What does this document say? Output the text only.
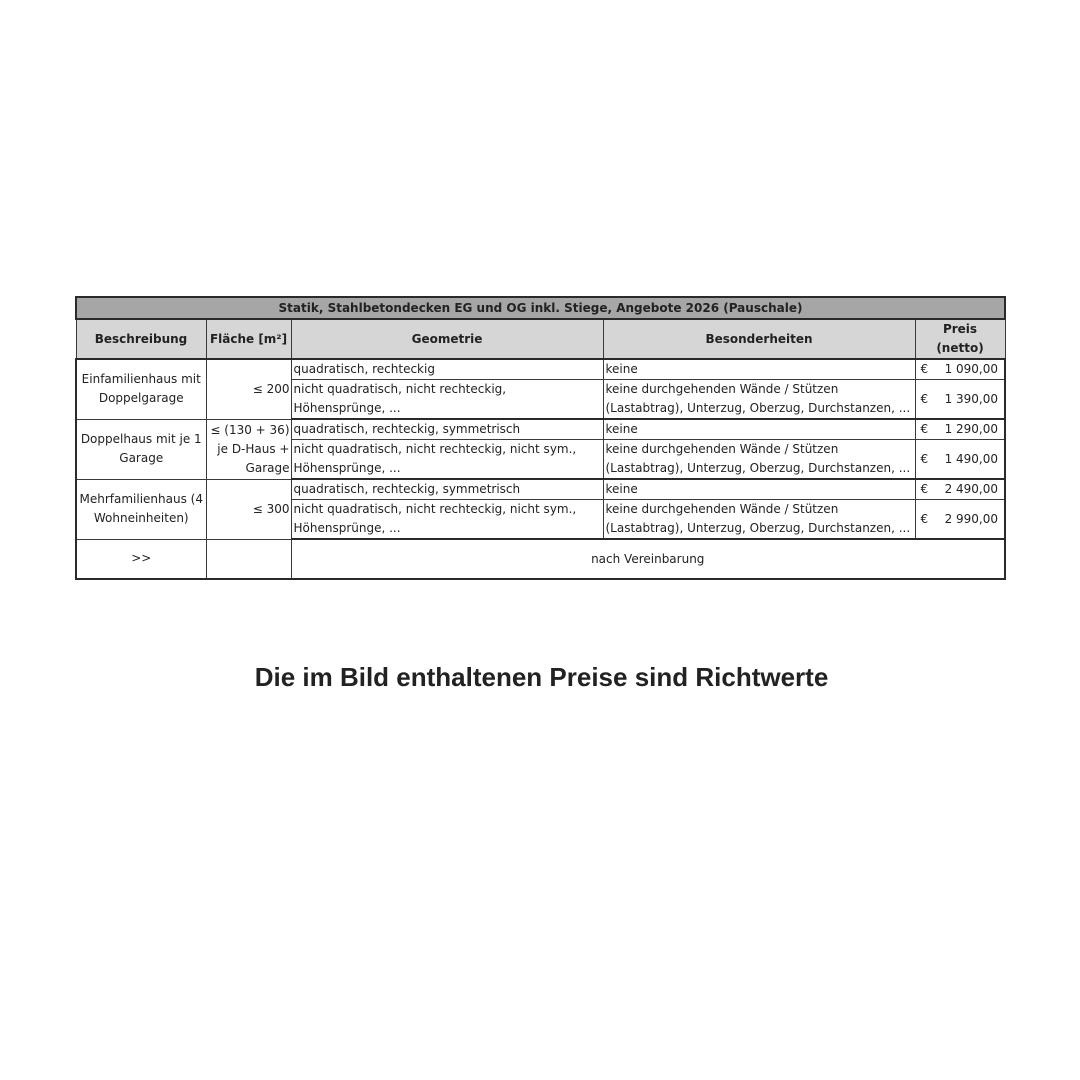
Statik, Stahlbetondecken EG und OG inkl. Stiege, Angebote 2026 (Pauschale)				
Beschreibung	Fläche [m²]	Geometrie	Besonderheiten	Preis (netto)
Einfamilienhaus mit Doppelgarage	≤ 200	quadratisch, rechteckig	keine	€ 1 090,00

		nicht quadratisch, nicht rechteckig, Höhensprünge, ...	keine durchgehenden Wände / Stützen (Lastabtrag), Unterzug, Oberzug, Durchstanzen, ...	€ 1 390,00

Doppelhaus mit je 1 Garage	≤ (130 + 36) je D-Haus + Garage	quadratisch, rechteckig, symmetrisch	keine	€ 1 290,00

		nicht quadratisch, nicht rechteckig, nicht sym., Höhensprünge, ...	keine durchgehenden Wände / Stützen (Lastabtrag), Unterzug, Oberzug, Durchstanzen, ...	€ 1 490,00

Mehrfamilienhaus (4 Wohneinheiten)	≤ 300	quadratisch, rechteckig, symmetrisch	keine	€ 2 490,00

		nicht quadratisch, nicht rechteckig, nicht sym., Höhensprünge, ...	keine durchgehenden Wände / Stützen (Lastabtrag), Unterzug, Oberzug, Durchstanzen, ...	€ 2 990,00

>>		nach Vereinbarung		
Die im Bild enthaltenen Preise sind Richtwerte
